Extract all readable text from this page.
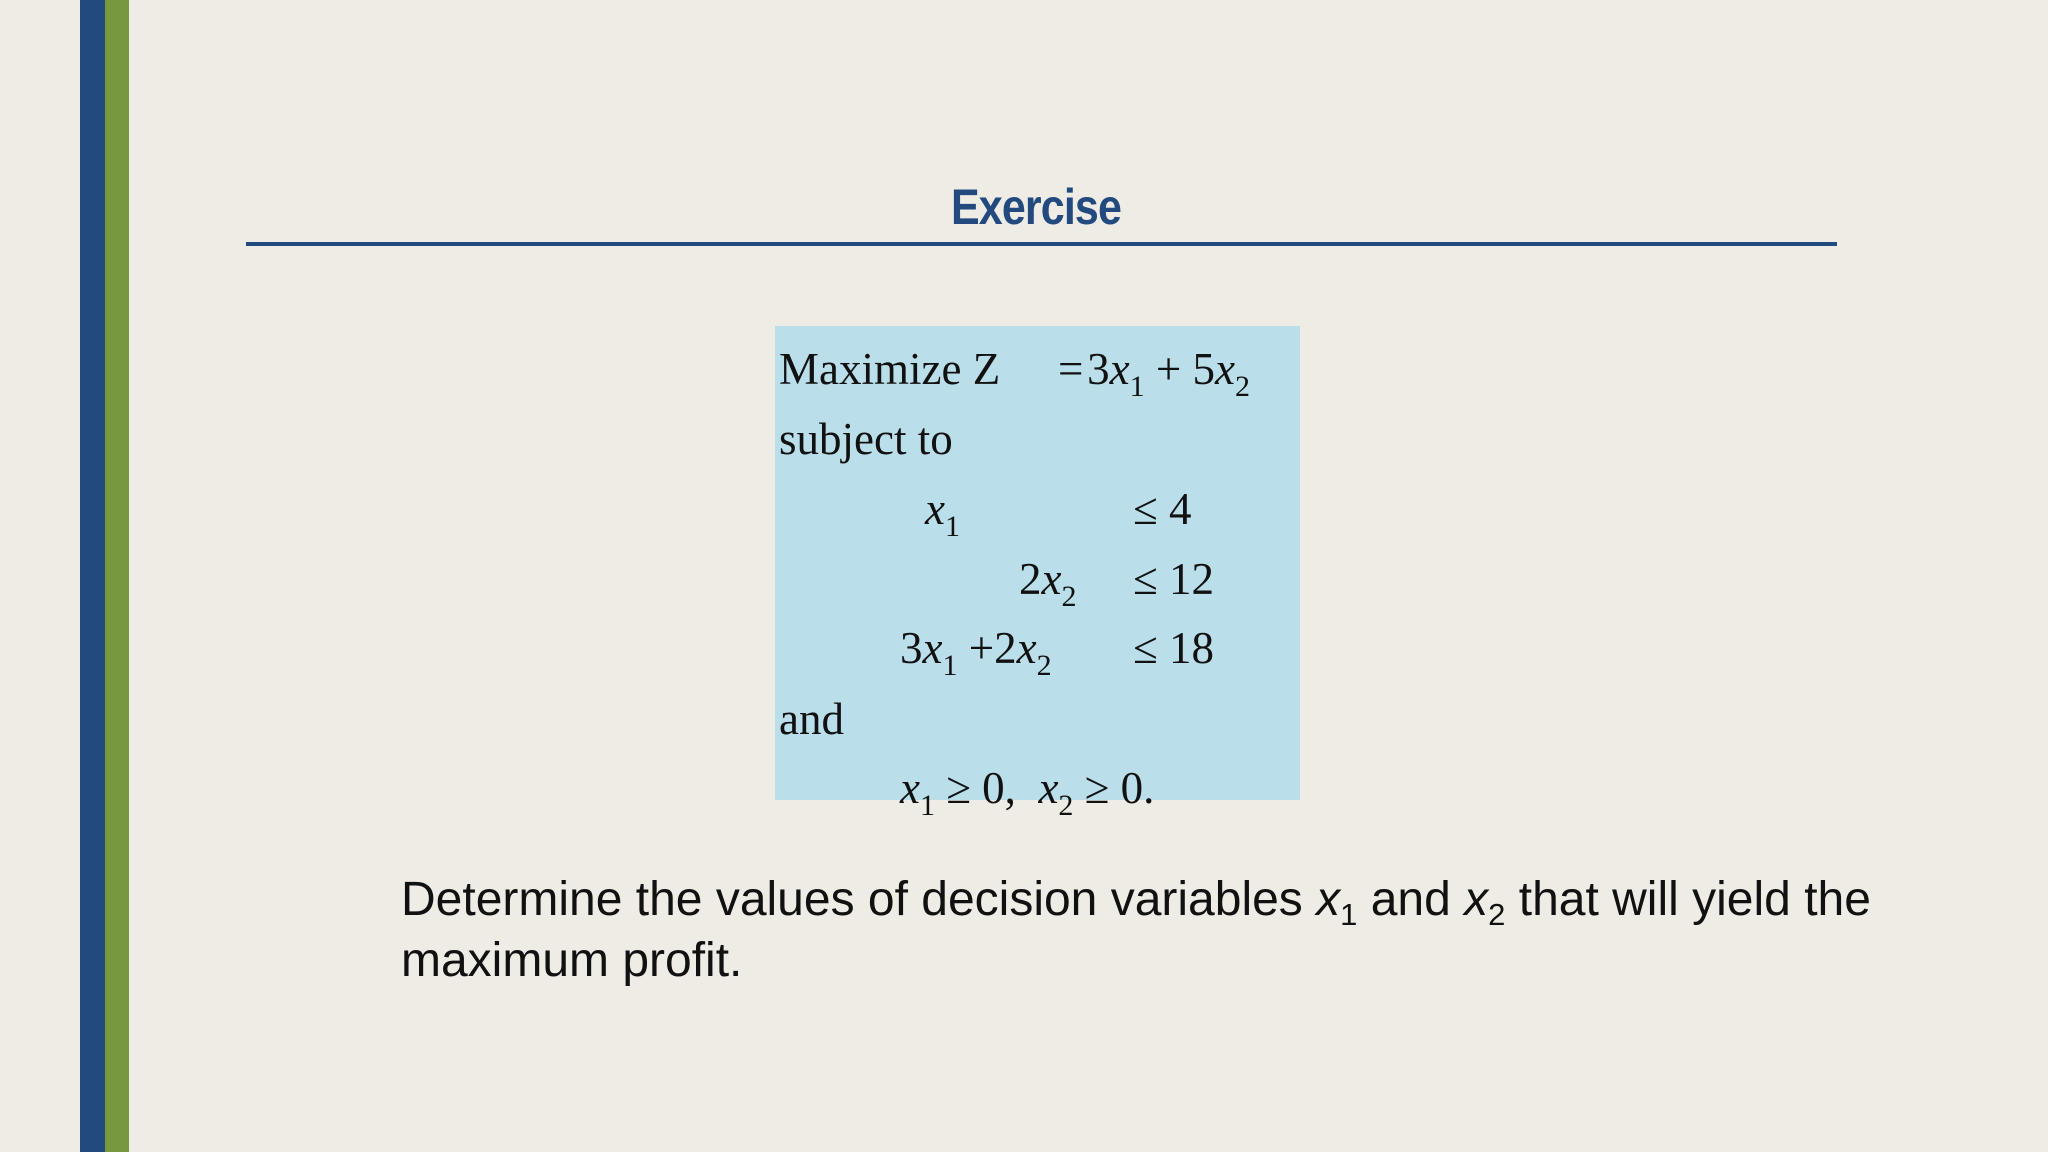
Exercise
Maximize Z = $3x_1 + 5x_2$
subject to
$x_1$	≤ 4
$2x_2 \le 12$
$3x_1 +2x_2 \le 18$
and
$x_1 \ge 0$, $x_2 \ge 0$.
Determine the values of decision variables $x_1$ and $x_2$ that will yield the maximum profit.
